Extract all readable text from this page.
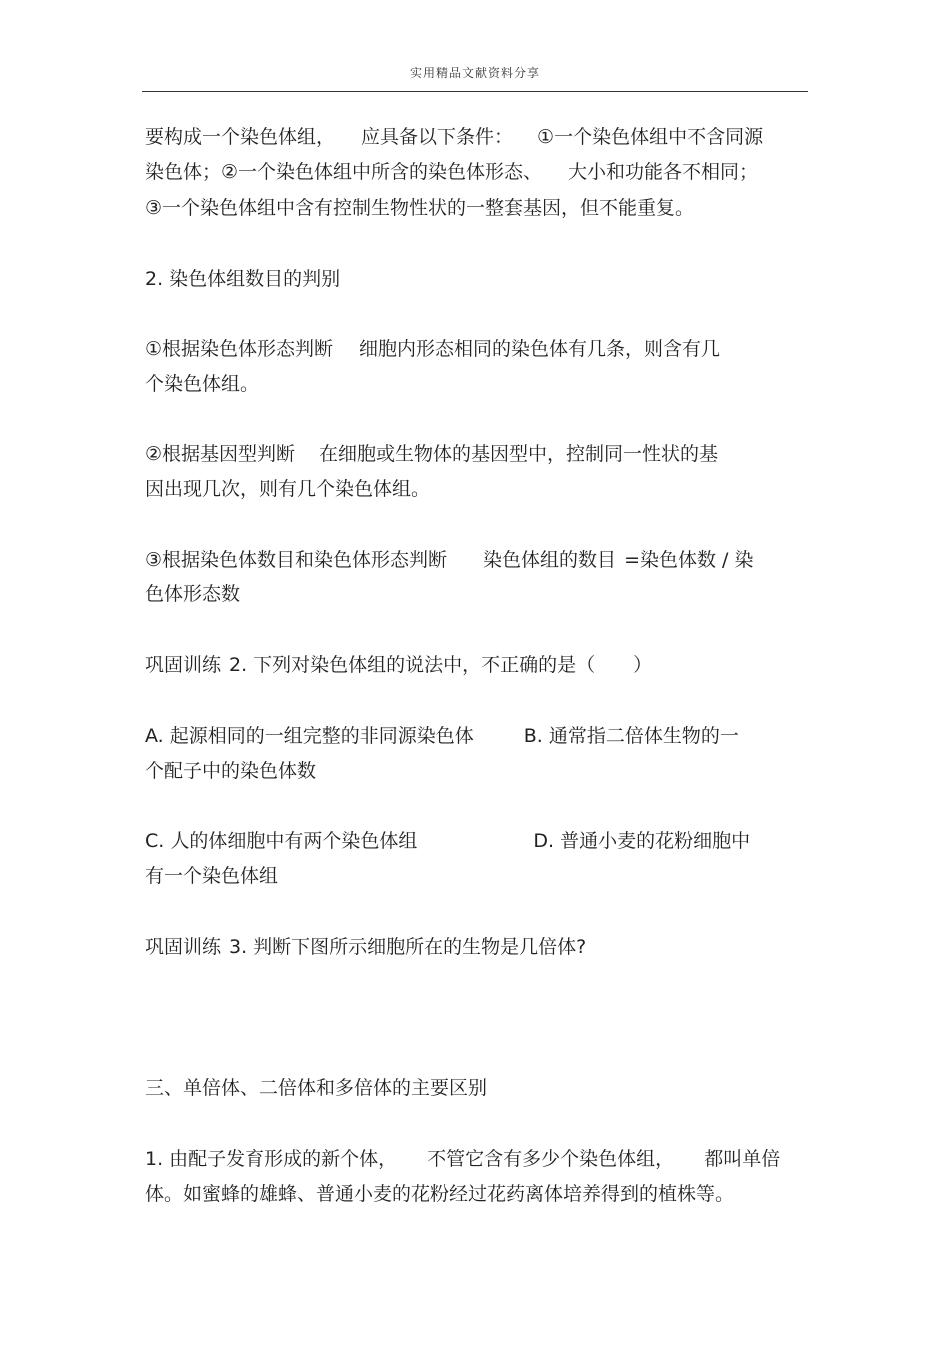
实用精品文献资料分享
要构成一个染色体组， 应具备以下条件： ①一个染色体组中不含同源
染色体；②一个染色体组中所含的染色体形态、 大小和功能各不相同；
③一个染色体组中含有控制生物性状的一整套基因，但不能重复。
2. 染色体组数目的判别
①根据染色体形态判断 细胞内形态相同的染色体有几条，则含有几
个染色体组。
②根据基因型判断 在细胞或生物体的基因型中，控制同一性状的基
因出现几次，则有几个染色体组。
③根据染色体数目和染色体形态判断 染色体组的数目 =染色体数 / 染
色体形态数
巩固训练 2. 下列对染色体组的说法中，不正确的是（　　）
A. 起源相同的一组完整的非同源染色体	B. 通常指二倍体生物的一
个配子中的染色体数
C. 人的体细胞中有两个染色体组	D. 普通小麦的花粉细胞中
有一个染色体组
巩固训练 3. 判断下图所示细胞所在的生物是几倍体?
三、单倍体、二倍体和多倍体的主要区别
1. 由配子发育形成的新个体， 不管它含有多少个染色体组， 都叫单倍
体。如蜜蜂的雄蜂、普通小麦的花粉经过花药离体培养得到的植株等。
